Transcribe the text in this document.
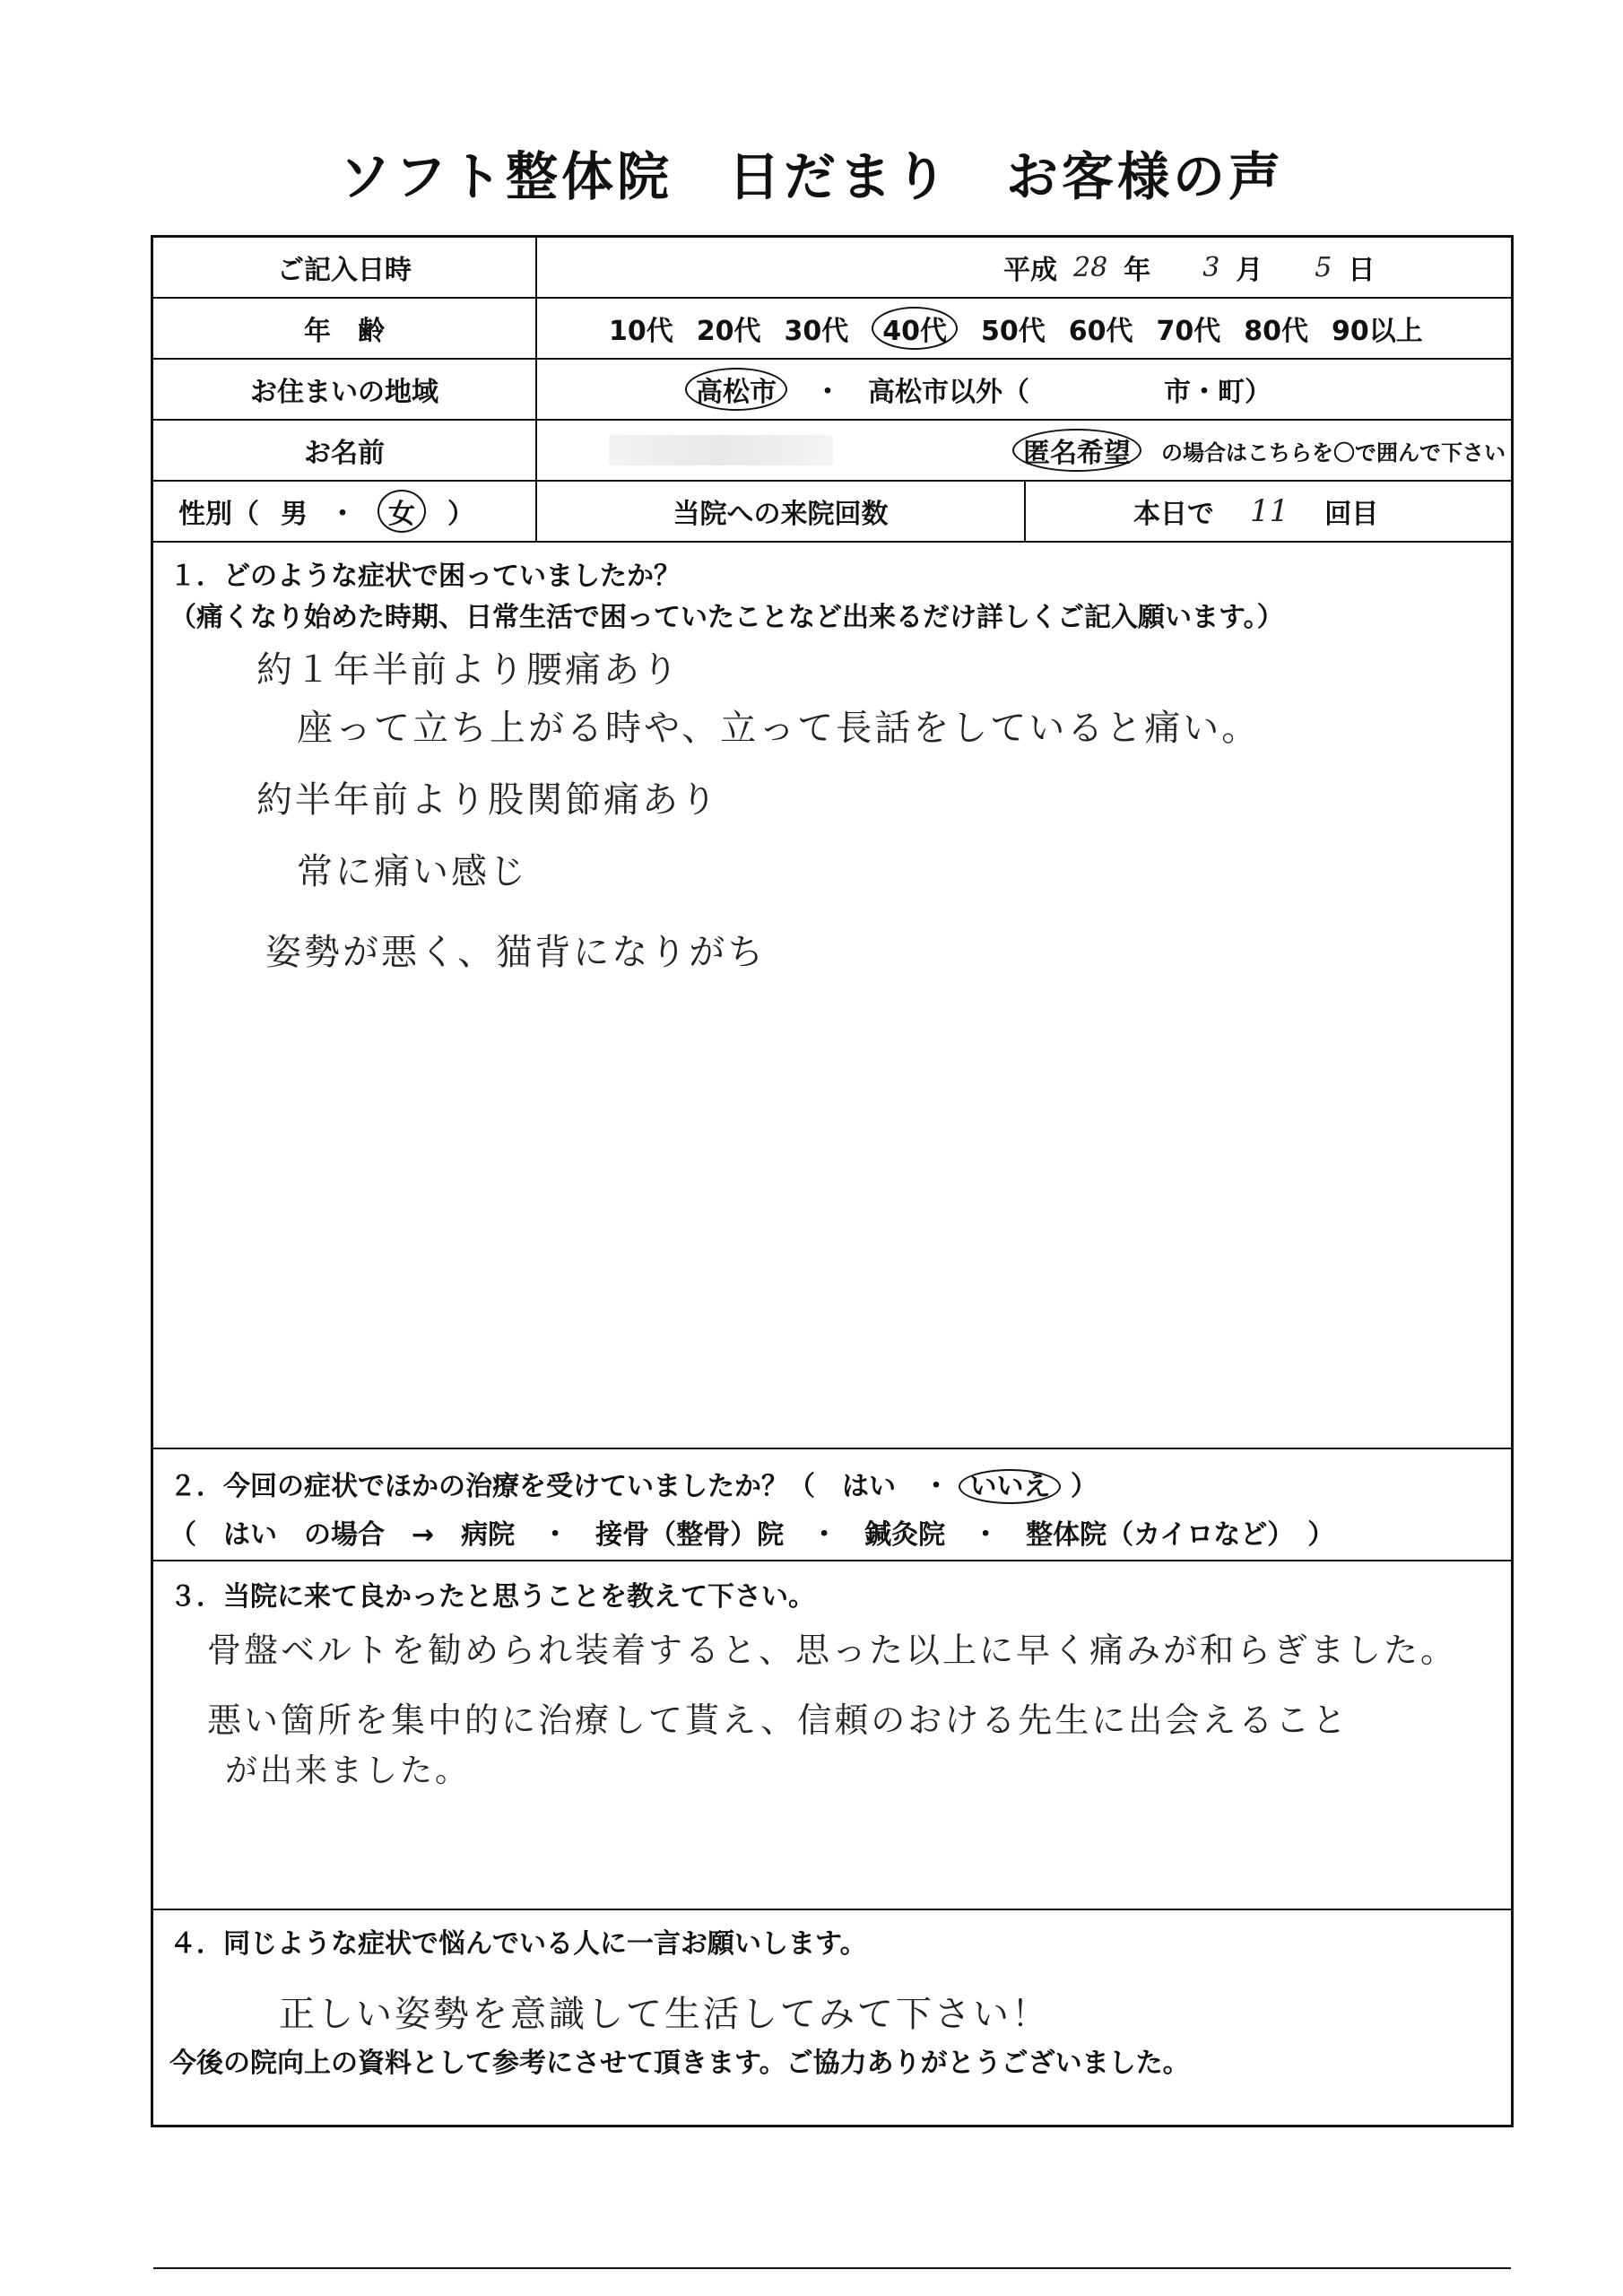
ソフト整体院　日だまり　お客様の声
ご記入日時	平成 28 年 3 月 5 日
年　齢	10代 20代 30代	40代	50代 60代 70代 80代 90以上
お住まいの地域	高松市	・ 高松市以外（	市・町）
お名前	匿名希望	の場合はこちらを〇で囲んで下さい
性別（ 男 ・	女	）	当院への来院回数	本日で 11 回目
１．どのような症状で困っていましたか？
（痛くなり始めた時期、日常生活で困っていたことなど出来るだけ詳しくご記入願います。）
約１年半前より腰痛あり
座って立ち上がる時や、立って長話をしていると痛い。
約半年前より股関節痛あり
常に痛い感じ
姿勢が悪く、猫背になりがち
２．今回の症状でほかの治療を受けていましたか？（　はい　・ いいえ ）
（　はい　の場合　→　病院　・　接骨（整骨）院　・　鍼灸院　・　整体院（カイロなど）　）
３．当院に来て良かったと思うことを教えて下さい。
骨盤ベルトを勧められ装着すると、思った以上に早く痛みが和らぎました。
悪い箇所を集中的に治療して貰え、信頼のおける先生に出会えること
が出来ました。
４．同じような症状で悩んでいる人に一言お願いします。
正しい姿勢を意識して生活してみて下さい！
今後の院向上の資料として参考にさせて頂きます。ご協力ありがとうございました。
